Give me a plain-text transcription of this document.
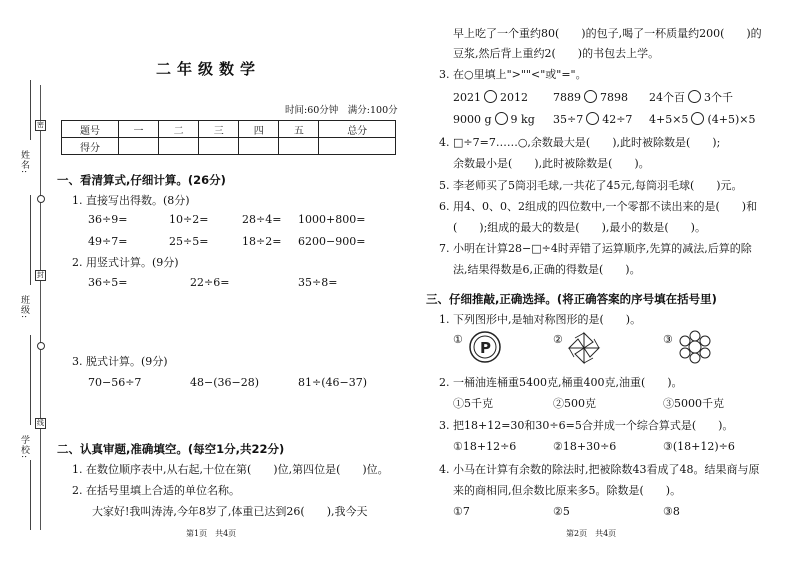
姓名:
班级:
学校:
密
封
线
二年级数学
时间:60分钟　满分:100分
题号	一	二	三	四	五	总分
得分						
一、看清算式,仔细计算。(26分)
1. 直接写出得数。(8分)
36÷9=	10÷2=	28÷4= 1000+800=
49÷7=	25÷5=	18÷2= 6200−900=
2. 用竖式计算。(9分)
36÷5=	22÷6=	35÷8=
3. 脱式计算。(9分)
70−56÷7	48−(36−28)	81÷(46−37)
二、认真审题,准确填空。(每空1分,共22分)
1. 在数位顺序表中,从右起,十位在第(　　)位,第四位是(　　)位。
2. 在括号里填上合适的单位名称。
大家好!我叫涛涛,今年8岁了,体重已达到26(　　),我今天
第1页　共4页
早上吃了一个重约80(　　)的包子,喝了一杯质量约200(　　)的
豆浆,然后背上重约2(　　)的书包去上学。
3. 在○里填上">""<"或"="。
2021 2012 7889 7898 24个百 3个千
9000 g 9 kg 35÷7 42÷7 4+5×5 (4+5)×5
4. □÷7=7……○,余数最大是(　　),此时被除数是(　　);
余数最小是(　　),此时被除数是(　　)。
5. 李老师买了5筒羽毛球,一共花了45元,每筒羽毛球(　　)元。
6. 用4、0、0、2组成的四位数中,一个零都不读出来的是(　　)和
(　　);组成的最大的数是(　　),最小的数是(　　)。
7. 小明在计算28−□÷4时弄错了运算顺序,先算的减法,后算的除
法,结果得数是6,正确的得数是(　　)。
三、仔细推敲,正确选择。(将正确答案的序号填在括号里)
1. 下列图形中,是轴对称图形的是(　　)。
① P	②	③
2. 一桶油连桶重5400克,桶重400克,油重(　　)。
①5千克	②500克	③5000千克
3. 把18+12=30和30÷6=5合并成一个综合算式是(　　)。
①18+12÷6	②18+30÷6	③(18+12)÷6
4. 小马在计算有余数的除法时,把被除数43看成了48。结果商与原
来的商相同,但余数比原来多5。除数是(　　)。
①7	②5	③8
第2页　共4页
